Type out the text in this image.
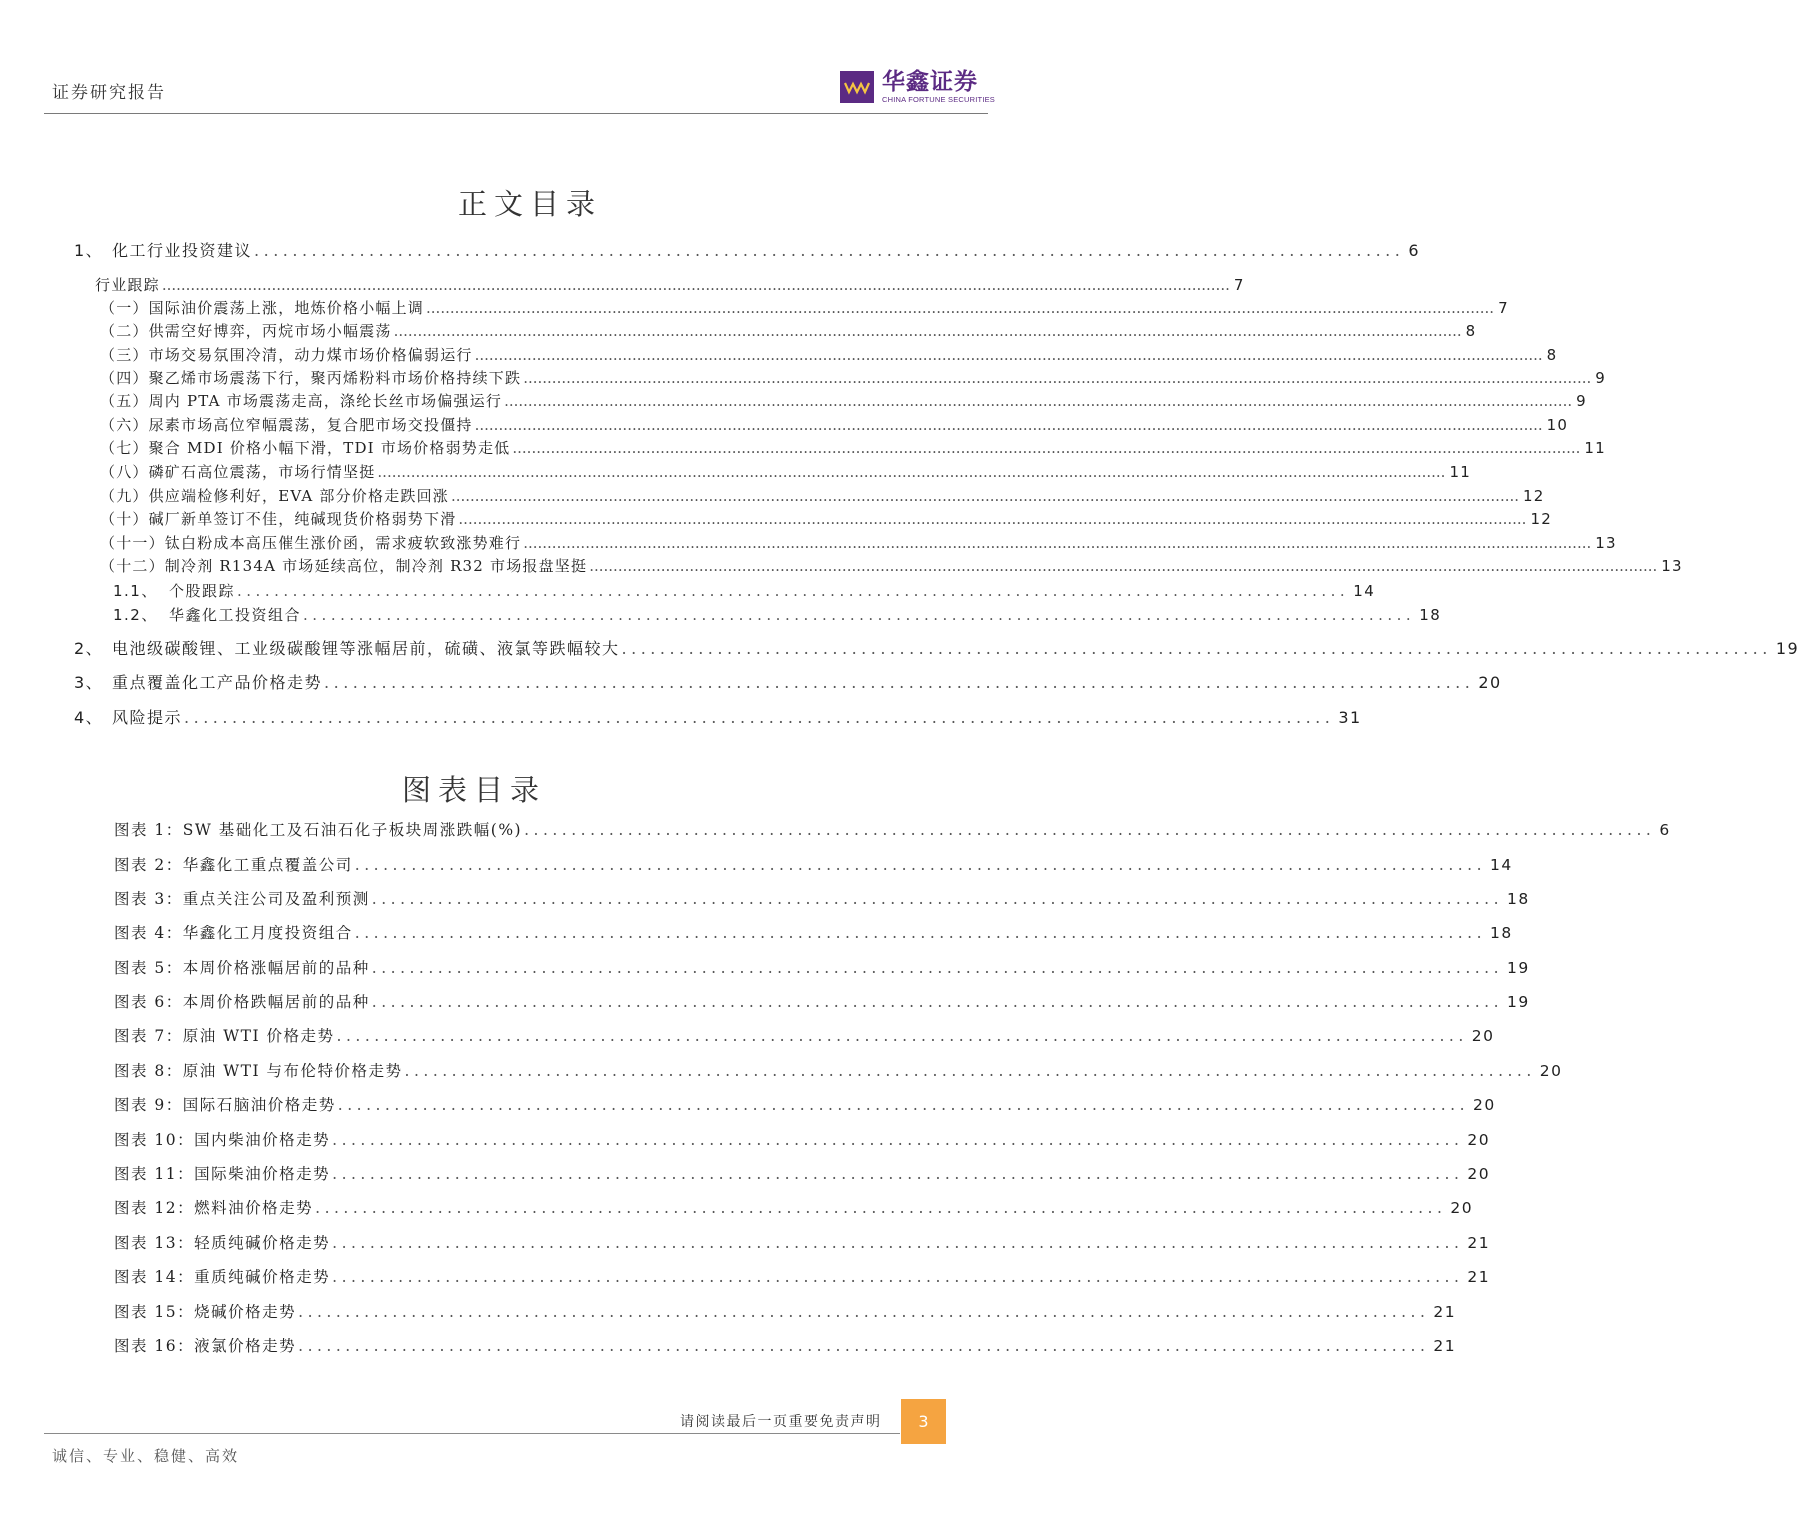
证券研究报告	华鑫证券
CHINA FORTUNE SECURITIES
正文目录
1、 化工行业投资建议 ........................................................................................................................ 6
行业跟踪 ................................................................................................................................................................................................................................ 7
（一）国际油价震荡上涨，地炼价格小幅上调 ................................................................................................................................................................................................................................ 7
（二）供需空好博弈，丙烷市场小幅震荡 ................................................................................................................................................................................................................................ 8
（三）市场交易氛围冷清，动力煤市场价格偏弱运行 ................................................................................................................................................................................................................................ 8
（四）聚乙烯市场震荡下行，聚丙烯粉料市场价格持续下跌 ................................................................................................................................................................................................................................ 9
（五）周内 PTA 市场震荡走高，涤纶长丝市场偏强运行 ................................................................................................................................................................................................................................ 9
（六）尿素市场高位窄幅震荡，复合肥市场交投僵持 ................................................................................................................................................................................................................................ 10
（七）聚合 MDI 价格小幅下滑，TDI 市场价格弱势走低 ................................................................................................................................................................................................................................ 11
（八）磷矿石高位震荡，市场行情坚挺 ................................................................................................................................................................................................................................ 11
（九）供应端检修利好，EVA 部分价格走跌回涨 ................................................................................................................................................................................................................................ 12
（十）碱厂新单签订不佳，纯碱现货价格弱势下滑 ................................................................................................................................................................................................................................ 12
（十一）钛白粉成本高压催生涨价函，需求疲软致涨势难行 ................................................................................................................................................................................................................................ 13
（十二）制冷剂 R134A 市场延续高位，制冷剂 R32 市场报盘坚挺 ................................................................................................................................................................................................................................ 13
1.1、 个股跟踪 ........................................................................................................................ 14
1.2、 华鑫化工投资组合 ........................................................................................................................ 18
2、 电池级碳酸锂、工业级碳酸锂等涨幅居前，硫磺、液氯等跌幅较大 ........................................................................................................................ 19
3、 重点覆盖化工产品价格走势 ........................................................................................................................ 20
4、 风险提示 ........................................................................................................................ 31
图表目录
图表 1：SW 基础化工及石油石化子板块周涨跌幅(%) ........................................................................................................................ 6
图表 2：华鑫化工重点覆盖公司 ........................................................................................................................ 14
图表 3：重点关注公司及盈利预测 ........................................................................................................................ 18
图表 4：华鑫化工月度投资组合 ........................................................................................................................ 18
图表 5：本周价格涨幅居前的品种 ........................................................................................................................ 19
图表 6：本周价格跌幅居前的品种 ........................................................................................................................ 19
图表 7：原油 WTI 价格走势 ........................................................................................................................ 20
图表 8：原油 WTI 与布伦特价格走势 ........................................................................................................................ 20
图表 9：国际石脑油价格走势 ........................................................................................................................ 20
图表 10：国内柴油价格走势 ........................................................................................................................ 20
图表 11：国际柴油价格走势 ........................................................................................................................ 20
图表 12：燃料油价格走势 ........................................................................................................................ 20
图表 13：轻质纯碱价格走势 ........................................................................................................................ 21
图表 14：重质纯碱价格走势 ........................................................................................................................ 21
图表 15：烧碱价格走势 ........................................................................................................................ 21
图表 16：液氯价格走势 ........................................................................................................................ 21
请阅读最后一页重要免责声明	3
诚信、专业、稳健、高效
